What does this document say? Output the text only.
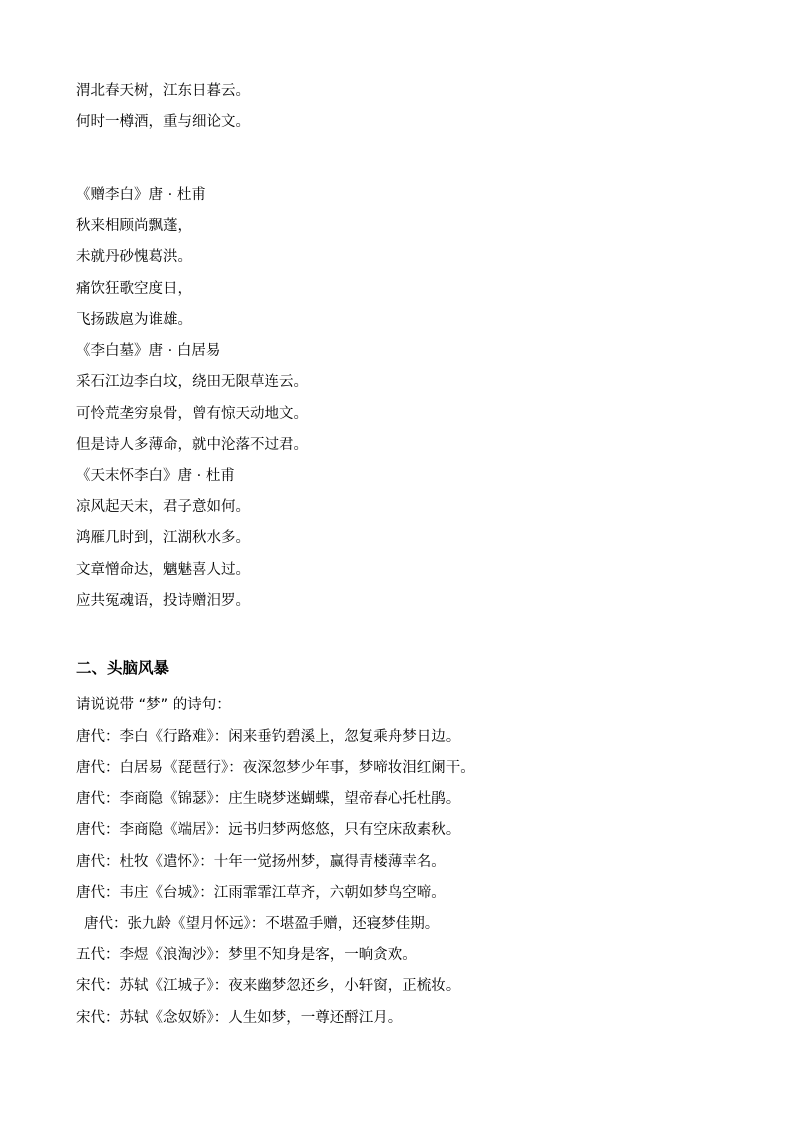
渭北春天树，江东日暮云。
何时一樽酒，重与细论文。
《赠李白》唐 · 杜甫
秋来相顾尚飘蓬，
未就丹砂愧葛洪。
痛饮狂歌空度日，
飞扬跋扈为谁雄。
《李白墓》唐 · 白居易
采石江边李白坟，绕田无限草连云。
可怜荒垄穷泉骨，曾有惊天动地文。
但是诗人多薄命，就中沦落不过君。
《天末怀李白》唐 · 杜甫
凉风起天末，君子意如何。
鸿雁几时到，江湖秋水多。
文章憎命达，魑魅喜人过。
应共冤魂语，投诗赠汨罗。
二、头脑风暴
请说说带 “梦” 的诗句：
唐代：李白《行路难》：闲来垂钓碧溪上，忽复乘舟梦日边。
唐代：白居易《琵琶行》：夜深忽梦少年事，梦啼妆泪红阑干。
唐代：李商隐《锦瑟》：庄生晓梦迷蝴蝶，望帝春心托杜鹃。
唐代：李商隐《端居》：远书归梦两悠悠，只有空床敌素秋。
唐代：杜牧《遣怀》：十年一觉扬州梦，赢得青楼薄幸名。
唐代：韦庄《台城》：江雨霏霏江草齐，六朝如梦鸟空啼。
唐代：张九龄《望月怀远》：不堪盈手赠，还寝梦佳期。
五代：李煜《浪淘沙》：梦里不知身是客，一晌贪欢。
宋代：苏轼《江城子》：夜来幽梦忽还乡，小轩窗，正梳妆。
宋代：苏轼《念奴娇》：人生如梦，一尊还酹江月。
